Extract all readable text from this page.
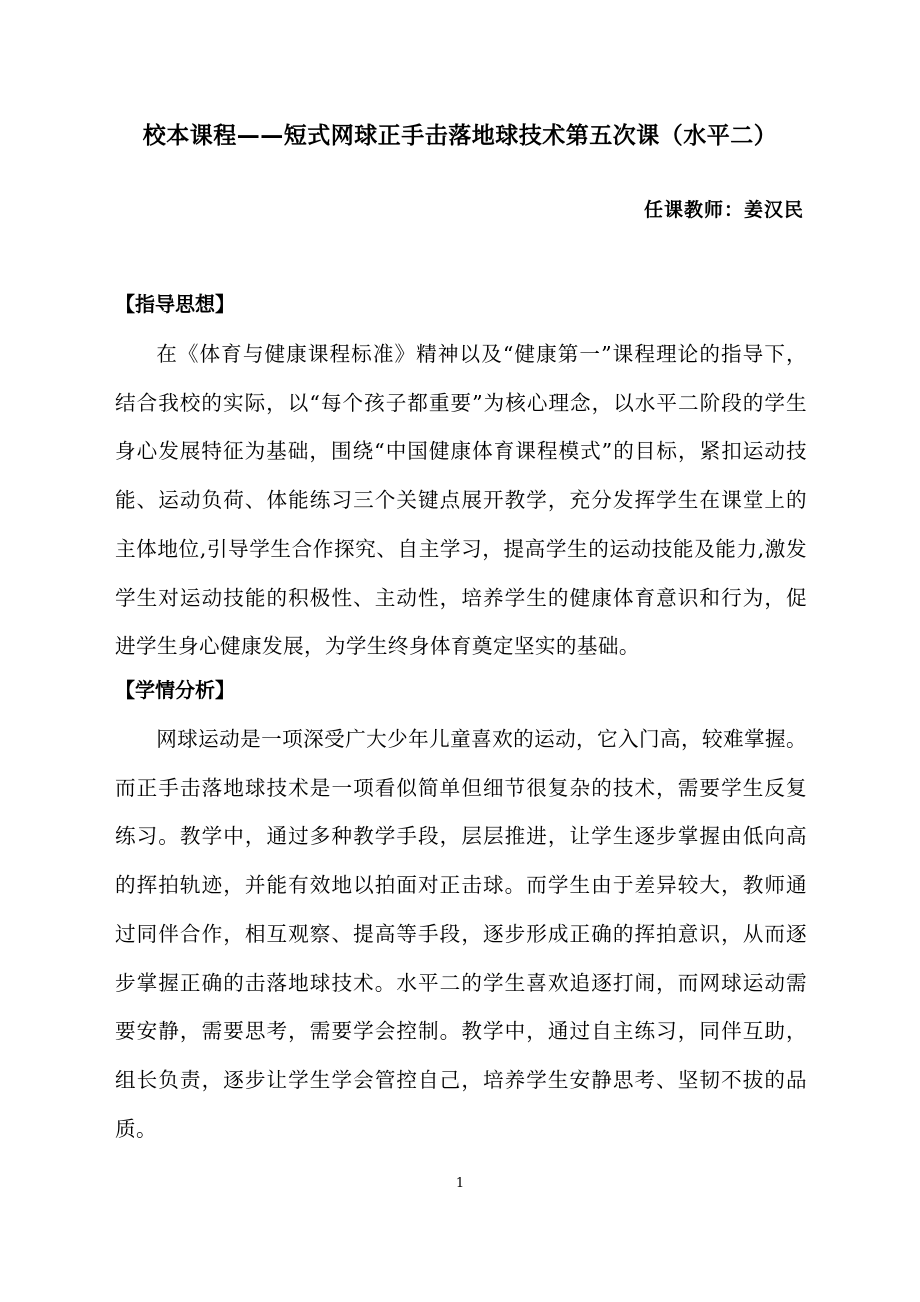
校本课程——短式网球正手击落地球技术第五次课（水平二）
任课教师：姜汉民
【指导思想】

在《体育与健康课程标准》精神以及“健康第一”课程理论的指导下，结合我校的实际，以“每个孩子都重要”为核心理念，以水平二阶段的学生身心发展特征为基础，围绕“中国健康体育课程模式”的目标，紧扣运动技能、运动负荷、体能练习三个关键点展开教学，充分发挥学生在课堂上的主体地位,引导学生合作探究、自主学习，提高学生的运动技能及能力,激发学生对运动技能的积极性、主动性，培养学生的健康体育意识和行为，促进学生身心健康发展，为学生终身体育奠定坚实的基础。

【学情分析】

网球运动是一项深受广大少年儿童喜欢的运动，它入门高，较难掌握。而正手击落地球技术是一项看似简单但细节很复杂的技术，需要学生反复练习。教学中，通过多种教学手段，层层推进，让学生逐步掌握由低向高的挥拍轨迹，并能有效地以拍面对正击球。而学生由于差异较大，教师通过同伴合作，相互观察、提高等手段，逐步形成正确的挥拍意识，从而逐步掌握正确的击落地球技术。水平二的学生喜欢追逐打闹，而网球运动需要安静，需要思考，需要学会控制。教学中，通过自主练习，同伴互助，组长负责，逐步让学生学会管控自己，培养学生安静思考、坚韧不拔的品质。

1
